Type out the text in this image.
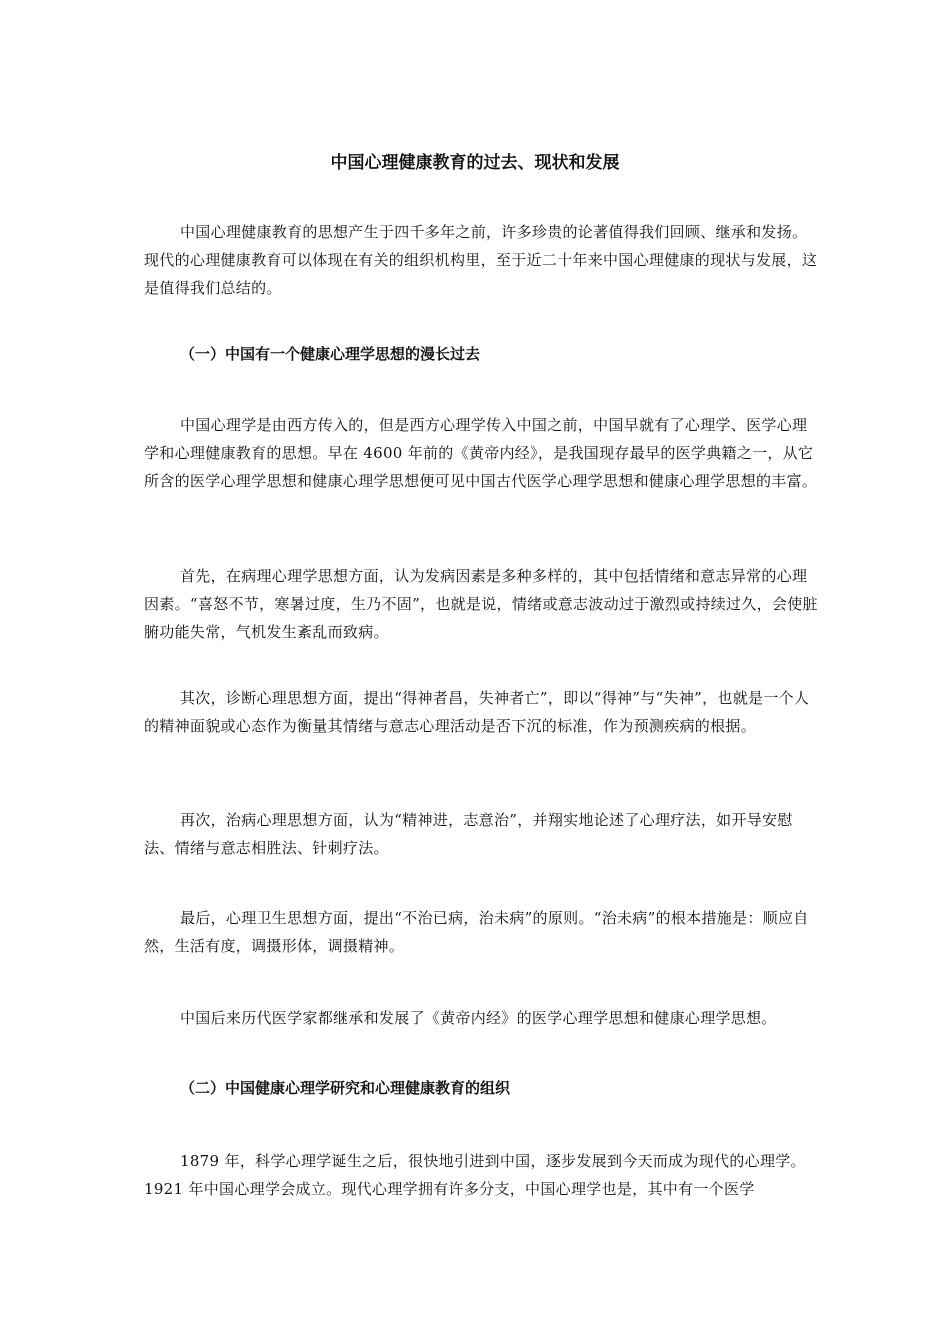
中国心理健康教育的过去、现状和发展

中国心理健康教育的思想产生于四千多年之前，许多珍贵的论著值得我们回顾、继承和发扬。现代的心理健康教育可以体现在有关的组织机构里，至于近二十年来中国心理健康的现状与发展，这是值得我们总结的。

（一）中国有一个健康心理学思想的漫长过去

中国心理学是由西方传入的，但是西方心理学传入中国之前，中国早就有了心理学、医学心理学和心理健康教育的思想。早在 4600 年前的《黄帝内经》，是我国现存最早的医学典籍之一，从它所含的医学心理学思想和健康心理学思想便可见中国古代医学心理学思想和健康心理学思想的丰富。

首先，在病理心理学思想方面，认为发病因素是多种多样的，其中包括情绪和意志异常的心理因素。“喜怒不节，寒暑过度，生乃不固”，也就是说，情绪或意志波动过于激烈或持续过久，会使脏腑功能失常，气机发生紊乱而致病。

其次，诊断心理思想方面，提出“得神者昌，失神者亡”，即以“得神”与“失神”，也就是一个人的精神面貌或心态作为衡量其情绪与意志心理活动是否下沉的标准，作为预测疾病的根据。

再次，治病心理思想方面，认为“精神进，志意治”，并翔实地论述了心理疗法，如开导安慰法、情绪与意志相胜法、针刺疗法。

最后，心理卫生思想方面，提出“不治已病，治未病”的原则。“治未病”的根本措施是：顺应自然，生活有度，调摄形体，调摄精神。

中国后来历代医学家都继承和发展了《黄帝内经》的医学心理学思想和健康心理学思想。

（二）中国健康心理学研究和心理健康教育的组织

1879 年，科学心理学诞生之后，很快地引进到中国，逐步发展到今天而成为现代的心理学。1921 年中国心理学会成立。现代心理学拥有许多分支，中国心理学也是，其中有一个医学
